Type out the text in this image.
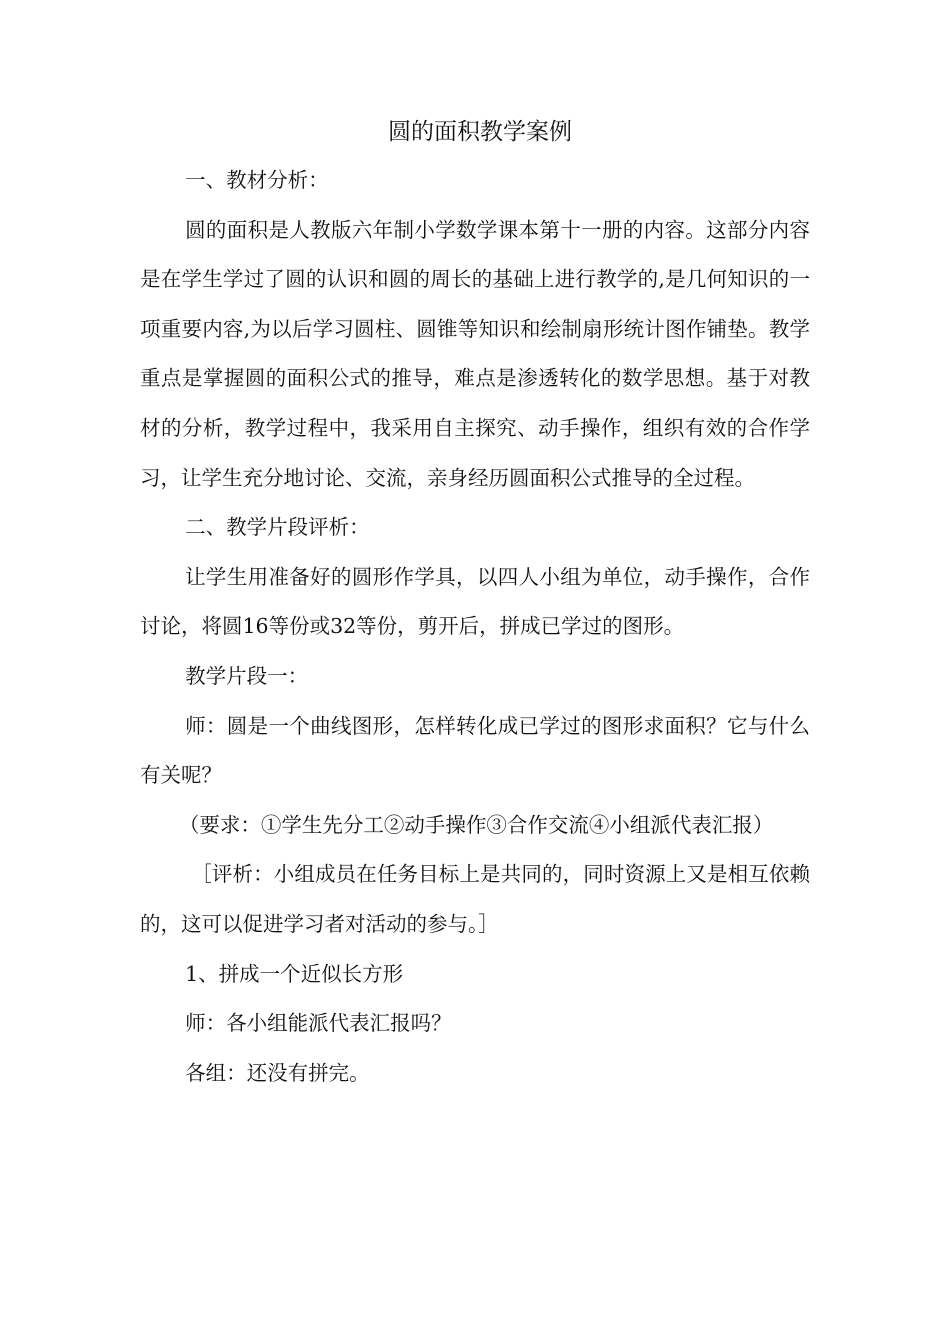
圆的面积教学案例

一、教材分析：

圆的面积是人教版六年制小学数学课本第十一册的内容。这部分内容是在学生学过了圆的认识和圆的周长的基础上进行教学的,是几何知识的一项重要内容,为以后学习圆柱、圆锥等知识和绘制扇形统计图作铺垫。教学重点是掌握圆的面积公式的推导，难点是渗透转化的数学思想。基于对教材的分析，教学过程中，我采用自主探究、动手操作，组织有效的合作学习，让学生充分地讨论、交流，亲身经历圆面积公式推导的全过程。

二、教学片段评析：

让学生用准备好的圆形作学具，以四人小组为单位，动手操作，合作讨论，将圆16等份或32等份，剪开后，拼成已学过的图形。

教学片段一：

师：圆是一个曲线图形，怎样转化成已学过的图形求面积？它与什么有关呢？

（要求：①学生先分工②动手操作③合作交流④小组派代表汇报）

［评析：小组成员在任务目标上是共同的，同时资源上又是相互依赖的，这可以促进学习者对活动的参与。］

1、拼成一个近似长方形

师：各小组能派代表汇报吗？

各组：还没有拼完。
